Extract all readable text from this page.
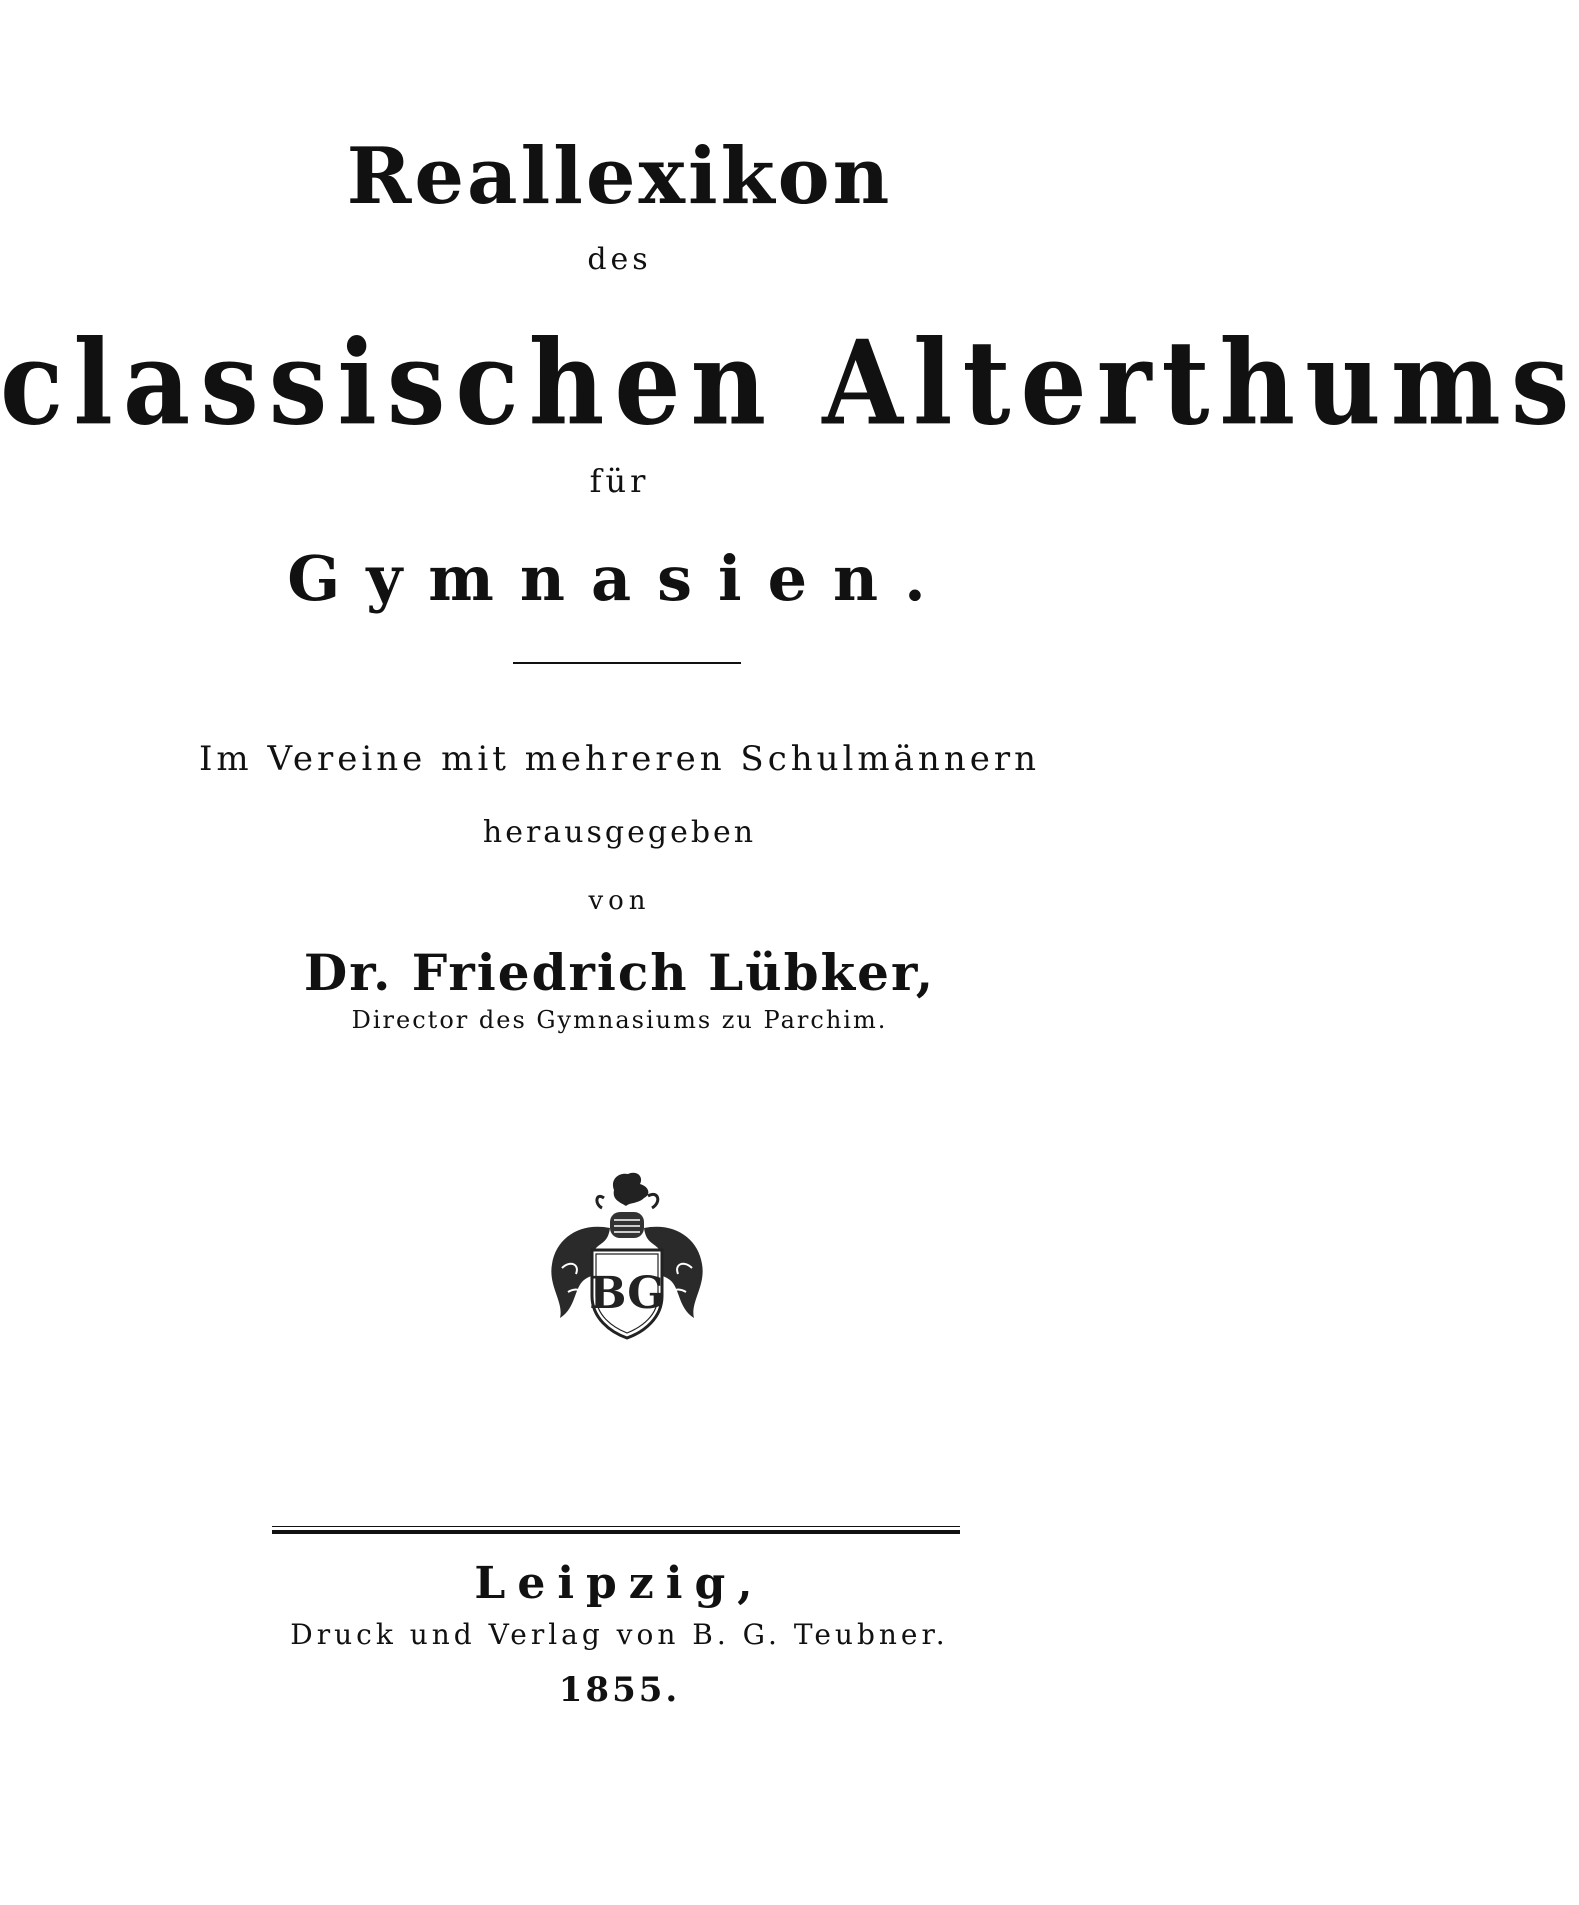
Reallexikon
des
classischen Alterthums
für
Gymnasien.
Im Vereine mit mehreren Schulmännern
herausgegeben
von
Dr. Friedrich Lübker,
Director des Gymnasiums zu Parchim.
BG
Leipzig,
Druck und Verlag von B. G. Teubner.
1855.
